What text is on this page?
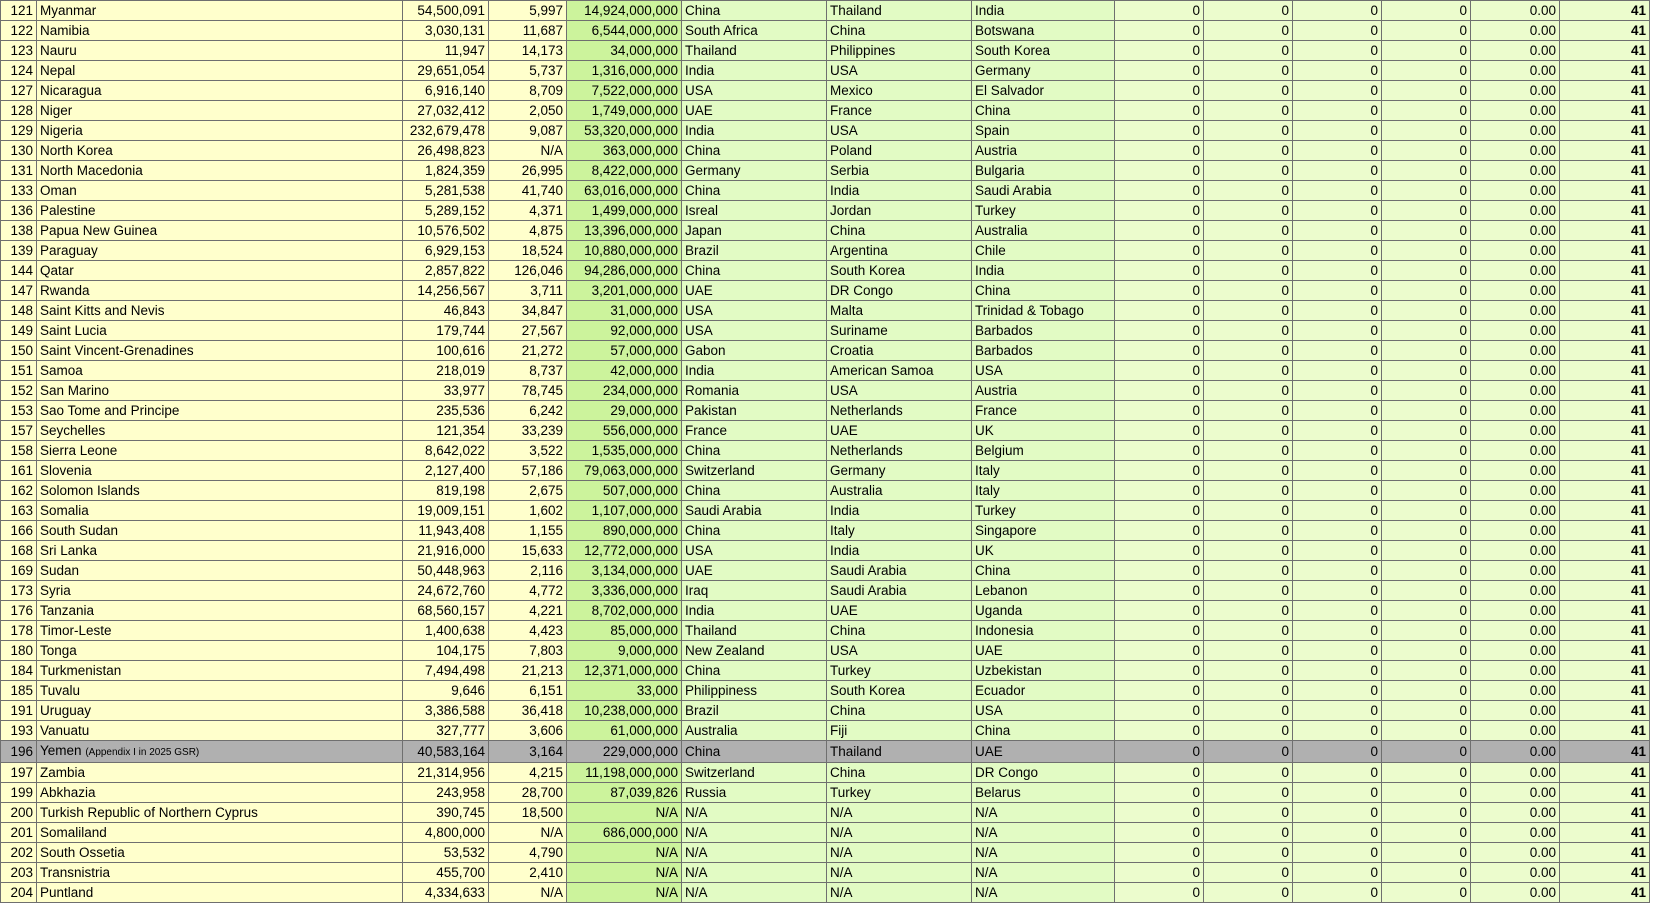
121	Myanmar	54,500,091	5,997	14,924,000,000	China	Thailand	India	0	0	0	0	0.00	41
122	Namibia	3,030,131	11,687	6,544,000,000	South Africa	China	Botswana	0	0	0	0	0.00	41
123	Nauru	11,947	14,173	34,000,000	Thailand	Philippines	South Korea	0	0	0	0	0.00	41
124	Nepal	29,651,054	5,737	1,316,000,000	India	USA	Germany	0	0	0	0	0.00	41
127	Nicaragua	6,916,140	8,709	7,522,000,000	USA	Mexico	El Salvador	0	0	0	0	0.00	41
128	Niger	27,032,412	2,050	1,749,000,000	UAE	France	China	0	0	0	0	0.00	41
129	Nigeria	232,679,478	9,087	53,320,000,000	India	USA	Spain	0	0	0	0	0.00	41
130	North Korea	26,498,823	N/A	363,000,000	China	Poland	Austria	0	0	0	0	0.00	41
131	North Macedonia	1,824,359	26,995	8,422,000,000	Germany	Serbia	Bulgaria	0	0	0	0	0.00	41
133	Oman	5,281,538	41,740	63,016,000,000	China	India	Saudi Arabia	0	0	0	0	0.00	41
136	Palestine	5,289,152	4,371	1,499,000,000	Isreal	Jordan	Turkey	0	0	0	0	0.00	41
138	Papua New Guinea	10,576,502	4,875	13,396,000,000	Japan	China	Australia	0	0	0	0	0.00	41
139	Paraguay	6,929,153	18,524	10,880,000,000	Brazil	Argentina	Chile	0	0	0	0	0.00	41
144	Qatar	2,857,822	126,046	94,286,000,000	China	South Korea	India	0	0	0	0	0.00	41
147	Rwanda	14,256,567	3,711	3,201,000,000	UAE	DR Congo	China	0	0	0	0	0.00	41
148	Saint Kitts and Nevis	46,843	34,847	31,000,000	USA	Malta	Trinidad & Tobago	0	0	0	0	0.00	41
149	Saint Lucia	179,744	27,567	92,000,000	USA	Suriname	Barbados	0	0	0	0	0.00	41
150	Saint Vincent-Grenadines	100,616	21,272	57,000,000	Gabon	Croatia	Barbados	0	0	0	0	0.00	41
151	Samoa	218,019	8,737	42,000,000	India	American Samoa	USA	0	0	0	0	0.00	41
152	San Marino	33,977	78,745	234,000,000	Romania	USA	Austria	0	0	0	0	0.00	41
153	Sao Tome and Principe	235,536	6,242	29,000,000	Pakistan	Netherlands	France	0	0	0	0	0.00	41
157	Seychelles	121,354	33,239	556,000,000	France	UAE	UK	0	0	0	0	0.00	41
158	Sierra Leone	8,642,022	3,522	1,535,000,000	China	Netherlands	Belgium	0	0	0	0	0.00	41
161	Slovenia	2,127,400	57,186	79,063,000,000	Switzerland	Germany	Italy	0	0	0	0	0.00	41
162	Solomon Islands	819,198	2,675	507,000,000	China	Australia	Italy	0	0	0	0	0.00	41
163	Somalia	19,009,151	1,602	1,107,000,000	Saudi Arabia	India	Turkey	0	0	0	0	0.00	41
166	South Sudan	11,943,408	1,155	890,000,000	China	Italy	Singapore	0	0	0	0	0.00	41
168	Sri Lanka	21,916,000	15,633	12,772,000,000	USA	India	UK	0	0	0	0	0.00	41
169	Sudan	50,448,963	2,116	3,134,000,000	UAE	Saudi Arabia	China	0	0	0	0	0.00	41
173	Syria	24,672,760	4,772	3,336,000,000	Iraq	Saudi Arabia	Lebanon	0	0	0	0	0.00	41
176	Tanzania	68,560,157	4,221	8,702,000,000	India	UAE	Uganda	0	0	0	0	0.00	41
178	Timor-Leste	1,400,638	4,423	85,000,000	Thailand	China	Indonesia	0	0	0	0	0.00	41
180	Tonga	104,175	7,803	9,000,000	New Zealand	USA	UAE	0	0	0	0	0.00	41
184	Turkmenistan	7,494,498	21,213	12,371,000,000	China	Turkey	Uzbekistan	0	0	0	0	0.00	41
185	Tuvalu	9,646	6,151	33,000	Philippiness	South Korea	Ecuador	0	0	0	0	0.00	41
191	Uruguay	3,386,588	36,418	10,238,000,000	Brazil	China	USA	0	0	0	0	0.00	41
193	Vanuatu	327,777	3,606	61,000,000	Australia	Fiji	China	0	0	0	0	0.00	41
196	Yemen (Appendix I in 2025 GSR)	40,583,164	3,164	229,000,000	China	Thailand	UAE	0	0	0	0	0.00	41
197	Zambia	21,314,956	4,215	11,198,000,000	Switzerland	China	DR Congo	0	0	0	0	0.00	41
199	Abkhazia	243,958	28,700	87,039,826	Russia	Turkey	Belarus	0	0	0	0	0.00	41
200	Turkish Republic of Northern Cyprus	390,745	18,500	N/A	N/A	N/A	N/A	0	0	0	0	0.00	41
201	Somaliland	4,800,000	N/A	686,000,000	N/A	N/A	N/A	0	0	0	0	0.00	41
202	South Ossetia	53,532	4,790	N/A	N/A	N/A	N/A	0	0	0	0	0.00	41
203	Transnistria	455,700	2,410	N/A	N/A	N/A	N/A	0	0	0	0	0.00	41
204	Puntland	4,334,633	N/A	N/A	N/A	N/A	N/A	0	0	0	0	0.00	41
